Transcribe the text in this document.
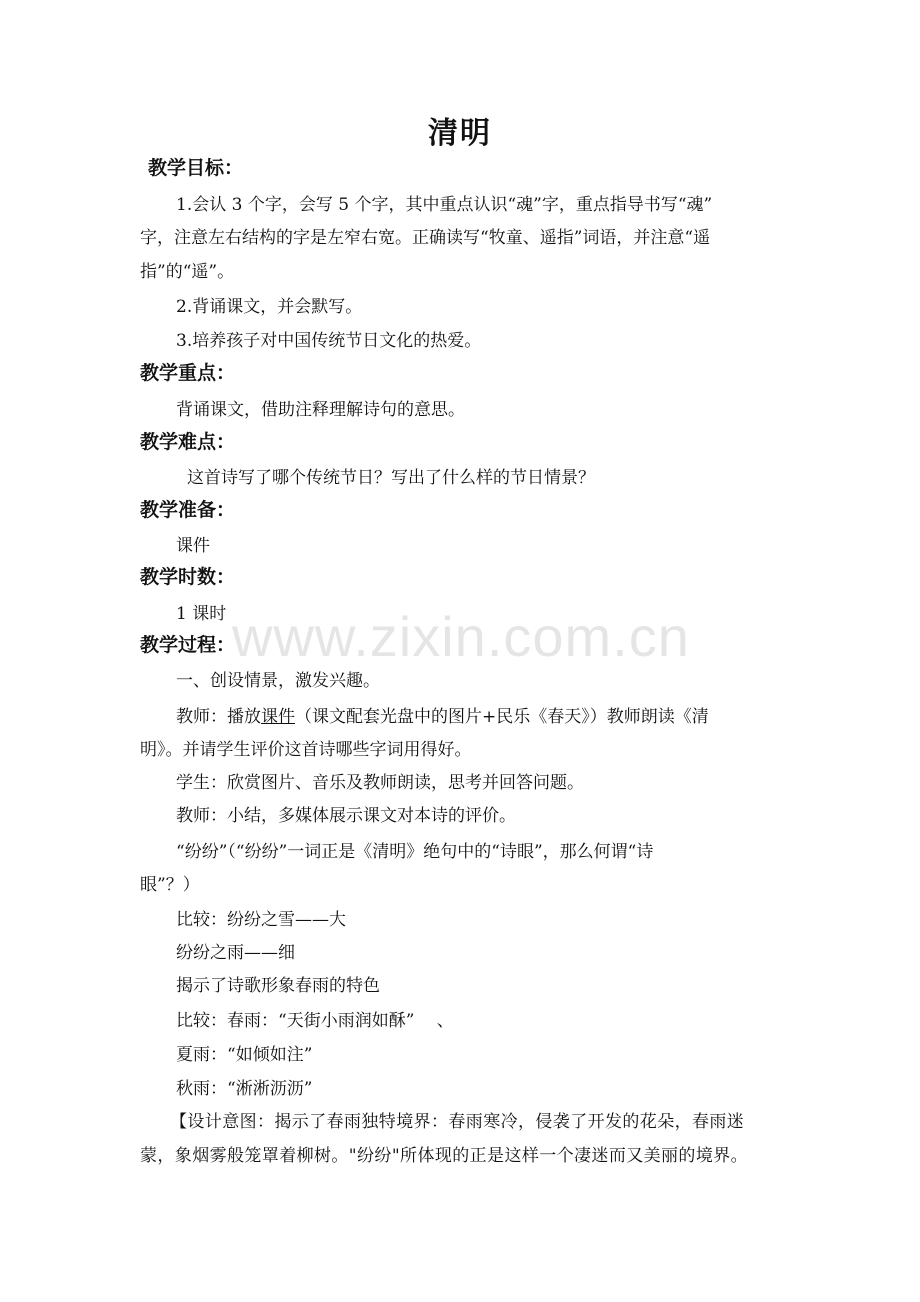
www.zixin.com.cn
清明
教学目标：
1.会认 3 个字，会写 5 个字，其中重点认识“魂”字，重点指导书写“魂”
字，注意左右结构的字是左窄右宽。正确读写“牧童、遥指”词语，并注意“遥
指”的“遥”。
2.背诵课文，并会默写。
3.培养孩子对中国传统节日文化的热爱。
教学重点：
背诵课文，借助注释理解诗句的意思。
教学难点：
这首诗写了哪个传统节日？写出了什么样的节日情景？
教学准备：
课件
教学时数：
1 课时
教学过程：
一、创设情景，激发兴趣。
教师：播放课件（课文配套光盘中的图片+民乐《春天》）教师朗读《清
明》。并请学生评价这首诗哪些字词用得好。
学生：欣赏图片、音乐及教师朗读，思考并回答问题。
教师：小结，多媒体展示课文对本诗的评价。
“纷纷”（“纷纷”一词正是《清明》绝句中的“诗眼”，那么何谓“诗
眼”？）
比较：纷纷之雪——大
纷纷之雨——细
揭示了诗歌形象春雨的特色
比较：春雨：“天街小雨润如酥”　 、
夏雨：“如倾如注”
秋雨：“淅淅沥沥”
【设计意图：揭示了春雨独特境界：春雨寒冷，侵袭了开发的花朵，春雨迷
蒙，象烟雾般笼罩着柳树。"纷纷"所体现的正是这样一个凄迷而又美丽的境界。
